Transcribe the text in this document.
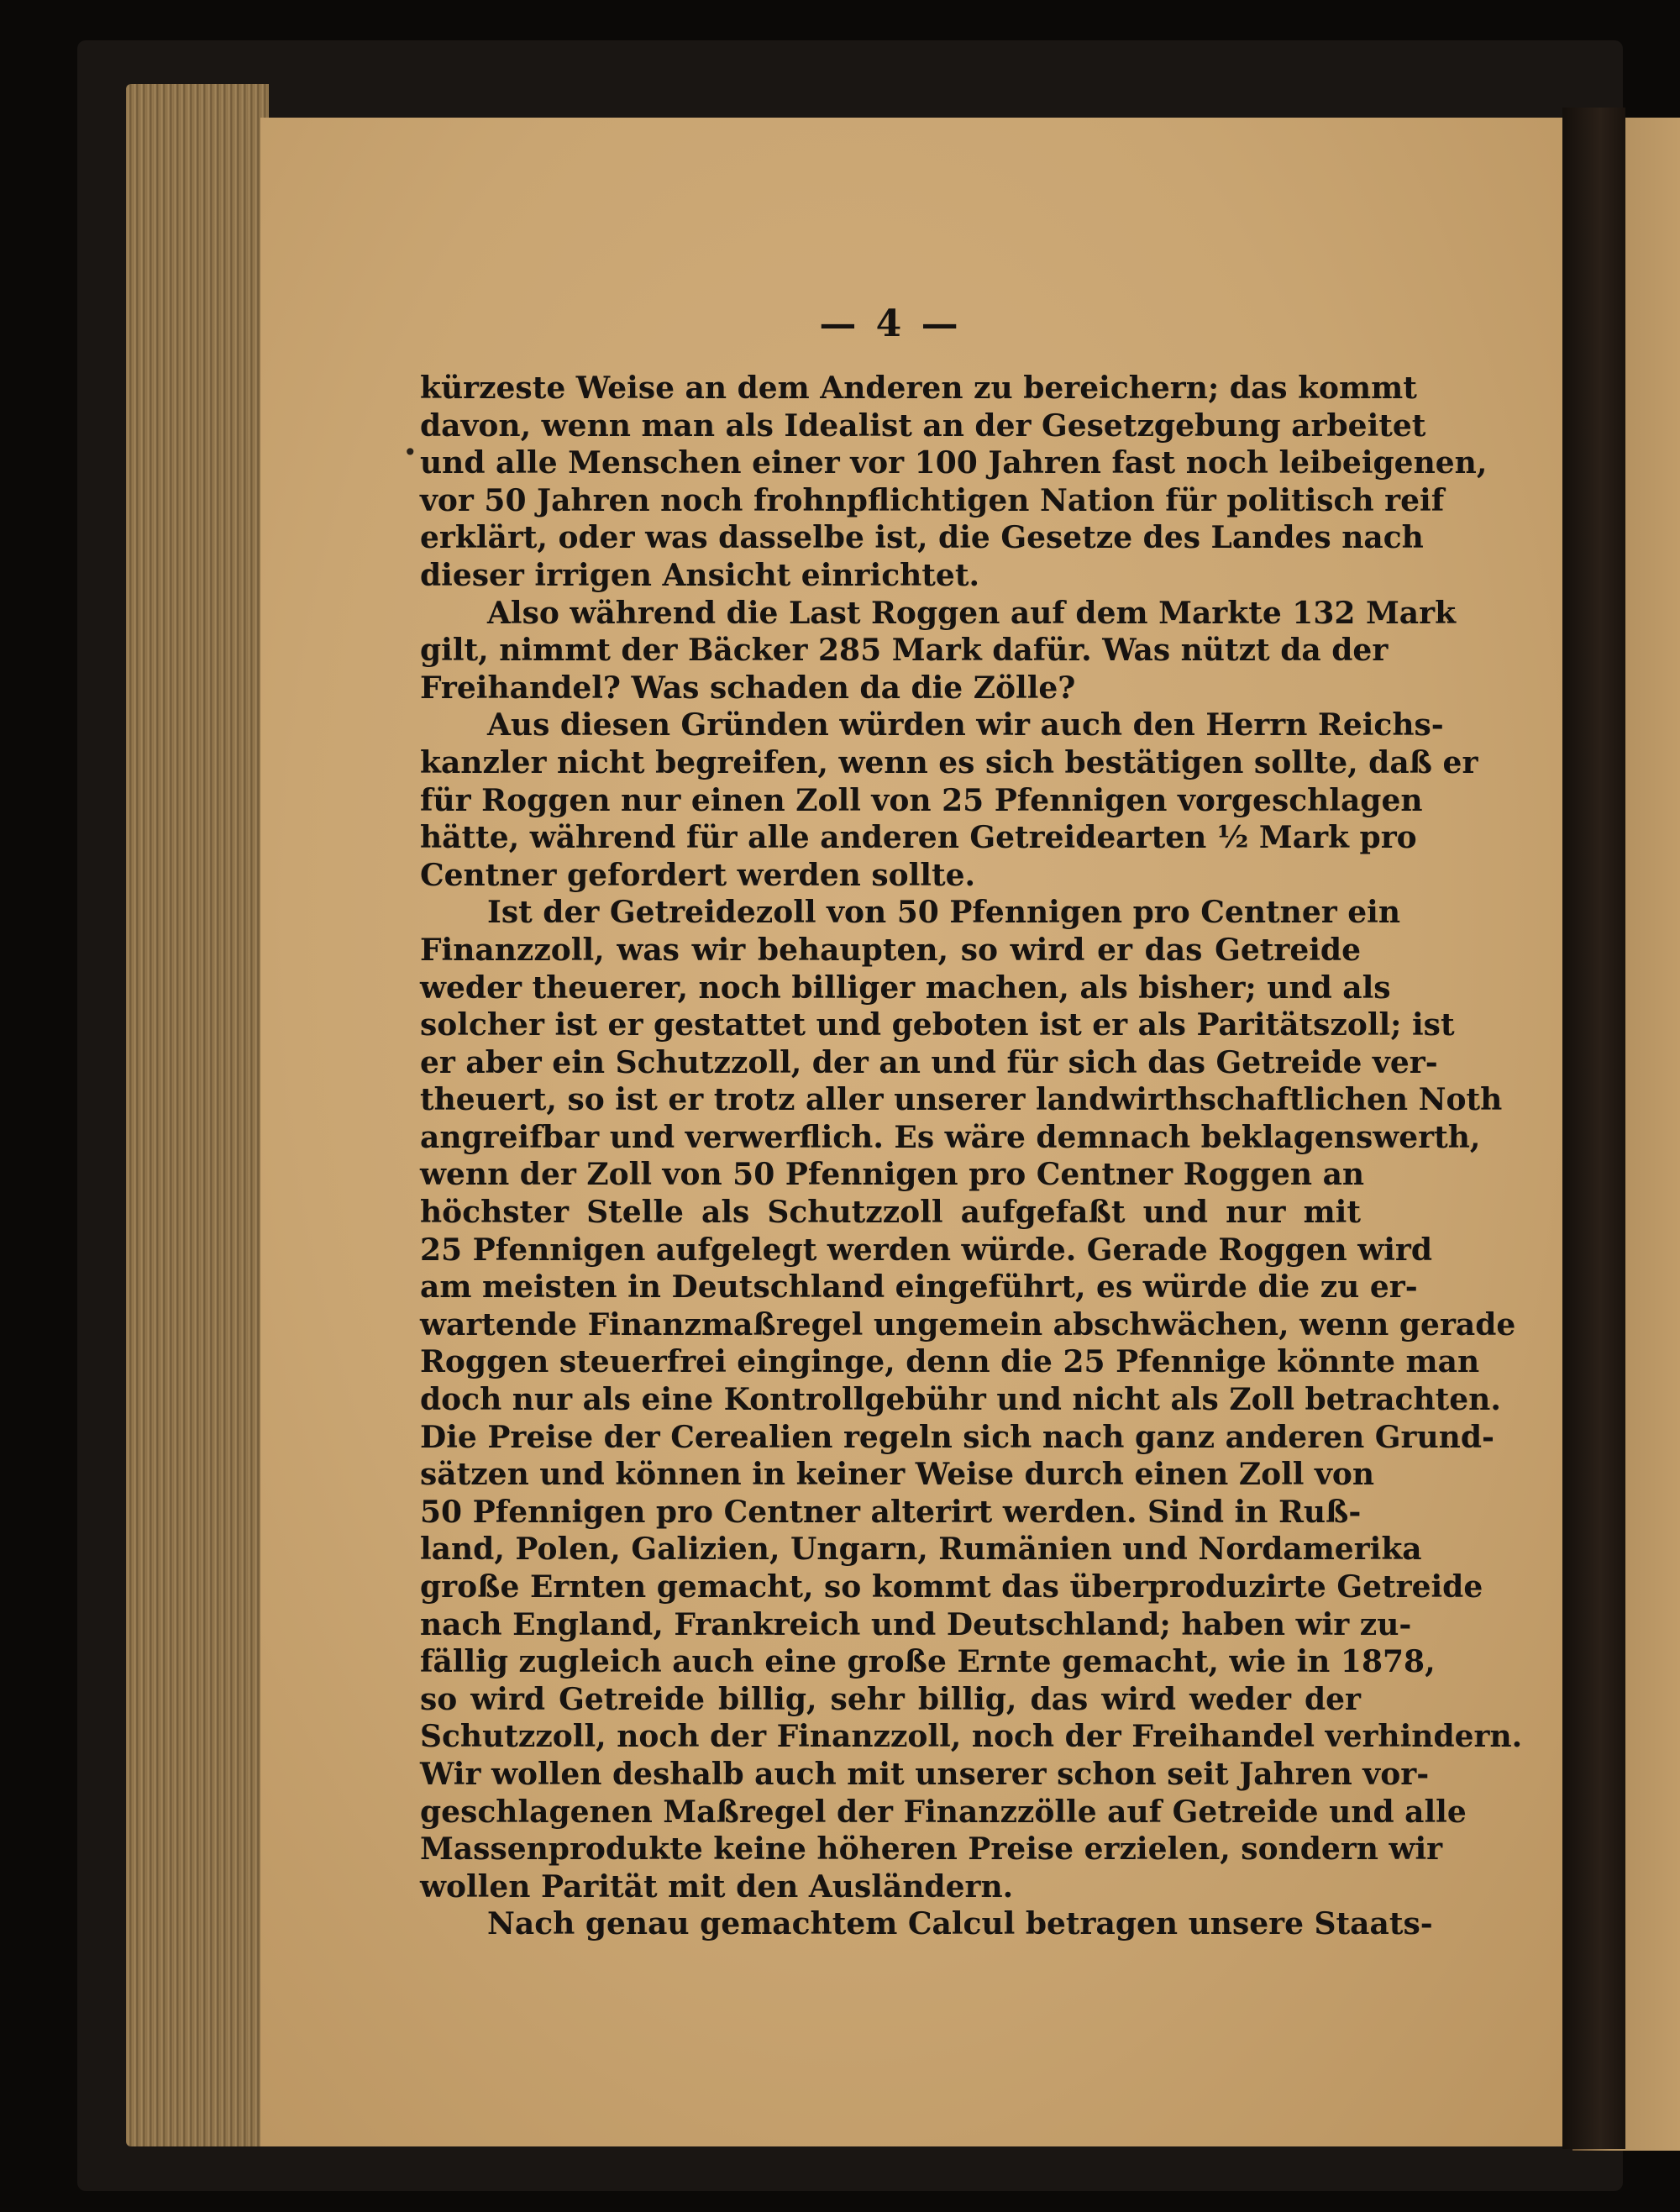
— 4 —
•
kürzeste Weise an dem Anderen zu bereichern; das kommt
davon, wenn man als Idealist an der Gesetzgebung arbeitet
und alle Menschen einer vor 100 Jahren fast noch leibeigenen,
vor 50 Jahren noch frohnpflichtigen Nation für politisch reif
erklärt, oder was dasselbe ist, die Gesetze des Landes nach
dieser irrigen Ansicht einrichtet.
Also während die Last Roggen auf dem Markte 132 Mark
gilt, nimmt der Bäcker 285 Mark dafür. Was nützt da der
Freihandel? Was schaden da die Zölle?
Aus diesen Gründen würden wir auch den Herrn Reichs-
kanzler nicht begreifen, wenn es sich bestätigen sollte, daß er
für Roggen nur einen Zoll von 25 Pfennigen vorgeschlagen
hätte, während für alle anderen Getreidearten ½ Mark pro
Centner gefordert werden sollte.
Ist der Getreidezoll von 50 Pfennigen pro Centner ein
Finanzzoll, was wir behaupten, so wird er das Getreide
weder theuerer, noch billiger machen, als bisher; und als
solcher ist er gestattet und geboten ist er als Paritätszoll; ist
er aber ein Schutzzoll, der an und für sich das Getreide ver-
theuert, so ist er trotz aller unserer landwirthschaftlichen Noth
angreifbar und verwerflich. Es wäre demnach beklagenswerth,
wenn der Zoll von 50 Pfennigen pro Centner Roggen an
höchster Stelle als Schutzzoll aufgefaßt und nur mit
25 Pfennigen aufgelegt werden würde. Gerade Roggen wird
am meisten in Deutschland eingeführt, es würde die zu er-
wartende Finanzmaßregel ungemein abschwächen, wenn gerade
Roggen steuerfrei einginge, denn die 25 Pfennige könnte man
doch nur als eine Kontrollgebühr und nicht als Zoll betrachten.
Die Preise der Cerealien regeln sich nach ganz anderen Grund-
sätzen und können in keiner Weise durch einen Zoll von
50 Pfennigen pro Centner alterirt werden. Sind in Ruß-
land, Polen, Galizien, Ungarn, Rumänien und Nordamerika
große Ernten gemacht, so kommt das überproduzirte Getreide
nach England, Frankreich und Deutschland; haben wir zu-
fällig zugleich auch eine große Ernte gemacht, wie in 1878,
so wird Getreide billig, sehr billig, das wird weder der
Schutzzoll, noch der Finanzzoll, noch der Freihandel verhindern.
Wir wollen deshalb auch mit unserer schon seit Jahren vor-
geschlagenen Maßregel der Finanzzölle auf Getreide und alle
Massenprodukte keine höheren Preise erzielen, sondern wir
wollen Parität mit den Ausländern.
Nach genau gemachtem Calcul betragen unsere Staats-
